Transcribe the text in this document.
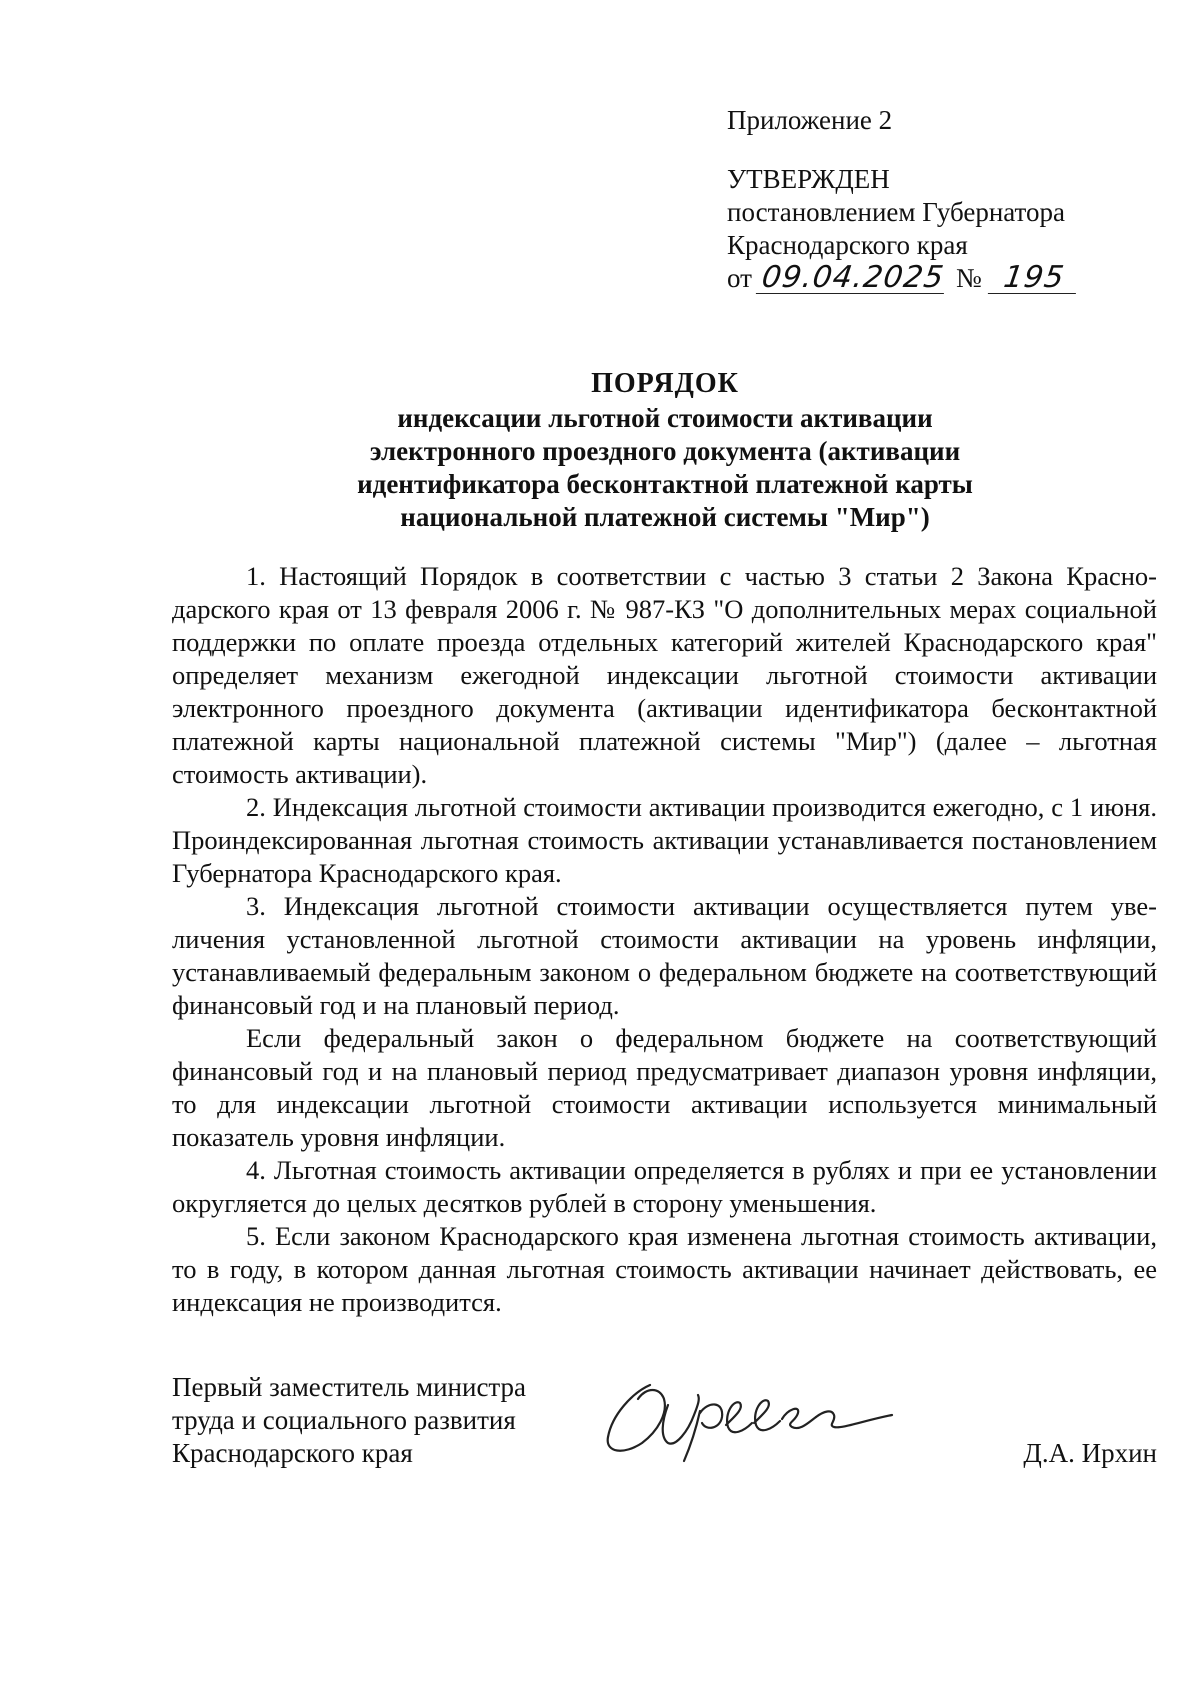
Приложение 2
УТВЕРЖДЕН
постановлением Губернатора
Краснодарского края
от 09.04.2025 № 195
ПОРЯДОК
индексации льготной стоимости активации
электронного проездного документа (активации
идентификатора бесконтактной платежной карты
национальной платежной системы "Мир")

1. Настоящий Порядок в соответствии с частью 3 статьи 2 Закона Краснодарского края от 13 февраля 2006 г. № 987-КЗ "О дополнительных мерах социальной поддержки по оплате проезда отдельных категорий жителей Краснодарского края" определяет механизм ежегодной индексации льготной стоимости активации электронного проездного документа (активации идентификатора бесконтактной платежной карты национальной платежной системы "Мир") (далее – льготная стоимость активации).

2. Индексация льготной стоимости активации производится ежегодно, с 1 июня. Проиндексированная льготная стоимость активации устанавливается постановлением Губернатора Краснодарского края.

3. Индексация льготной стоимости активации осуществляется путем увеличения установленной льготной стоимости активации на уровень инфляции, устанавливаемый федеральным законом о федеральном бюджете на соответствующий финансовый год и на плановый период.

Если федеральный закон о федеральном бюджете на соответствующий финансовый год и на плановый период предусматривает диапазон уровня инфляции, то для индексации льготной стоимости активации используется минимальный показатель уровня инфляции.

4. Льготная стоимость активации определяется в рублях и при ее установлении округляется до целых десятков рублей в сторону уменьшения.

5. Если законом Краснодарского края изменена льготная стоимость активации, то в году, в котором данная льготная стоимость активации начинает действовать, ее индексация не производится.

Первый заместитель министра
труда и социального развития
Краснодарского края	Д.А. Ирхин
